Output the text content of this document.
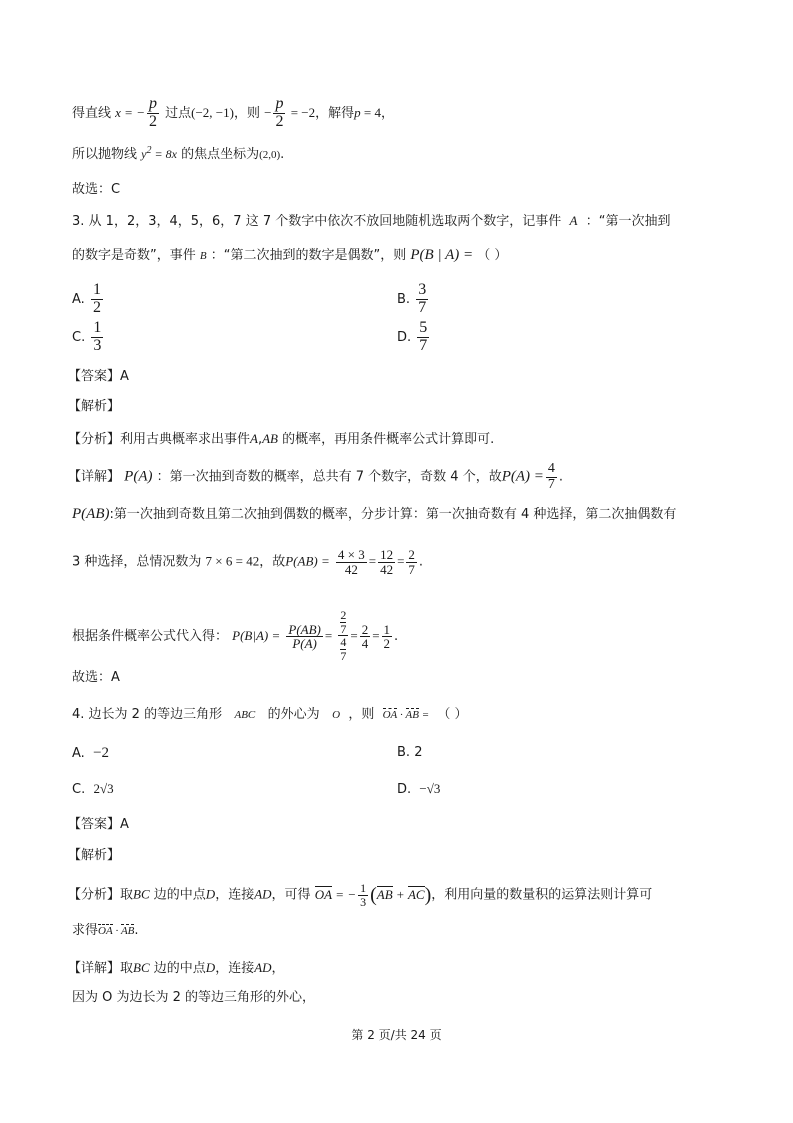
得直线 x = − $\frac{p}{2}$ 过点(−2, −1)，则 − $\frac{p}{2} = -2$，解得p = 4，
所以抛物线 $y^2 = 8x$ 的焦点坐标为(2,0).
故选：C
3. 从 1，2，3，4，5，6，7 这 7 个数字中依次不放回地随机选取两个数字，记事件 A ：“第一次抽到
的数字是奇数”，事件 B ：“第二次抽到的数字是偶数”，则 P(B | A) = （ ）
A. $\frac{1}{2}$	B. $\frac{3}{7}$
C. $\frac{1}{3}$	D. $\frac{5}{7}$
【答案】A
【解析】
【分析】利用古典概率求出事件A,AB 的概率，再用条件概率公式计算即可.
【详解】 P(A) ：第一次抽到奇数的概率，总共有 7 个数字，奇数 4 个，故$P(A) = \frac{4}{7}$ .
P(AB):第一次抽到奇数且第二次抽到偶数的概率，分步计算：第一次抽奇数有 4 种选择，第二次抽偶数有
3 种选择，总情况数为 7 × 6 = 42，故$P(AB) = \frac{4 \times 3}{42} = \frac{12}{42} = \frac{2}{7}$ .
根据条件概率公式代入得： $P(B|A) = \frac{P(AB)}{P(A)} = 2$
7
4
$7 = \frac{2}{4} = \frac{1}{2}$ .
故选：A
4. 边长为 2 的等边三角形 ABC 的外心为 O ，则 OA · AB = （ ）
A. −2	B. 2
C. 2√3	D. −√3
【答案】A
【解析】
【分析】取BC 边的中点D，连接AD，可得 OA = − $\frac{1}{3} (AB + AC)$，利用向量的数量积的运算法则计算可
求得OA · AB.
【详解】取BC 边的中点D，连接AD，
因为 O 为边长为 2 的等边三角形的外心，
第 2 页/共 24 页
